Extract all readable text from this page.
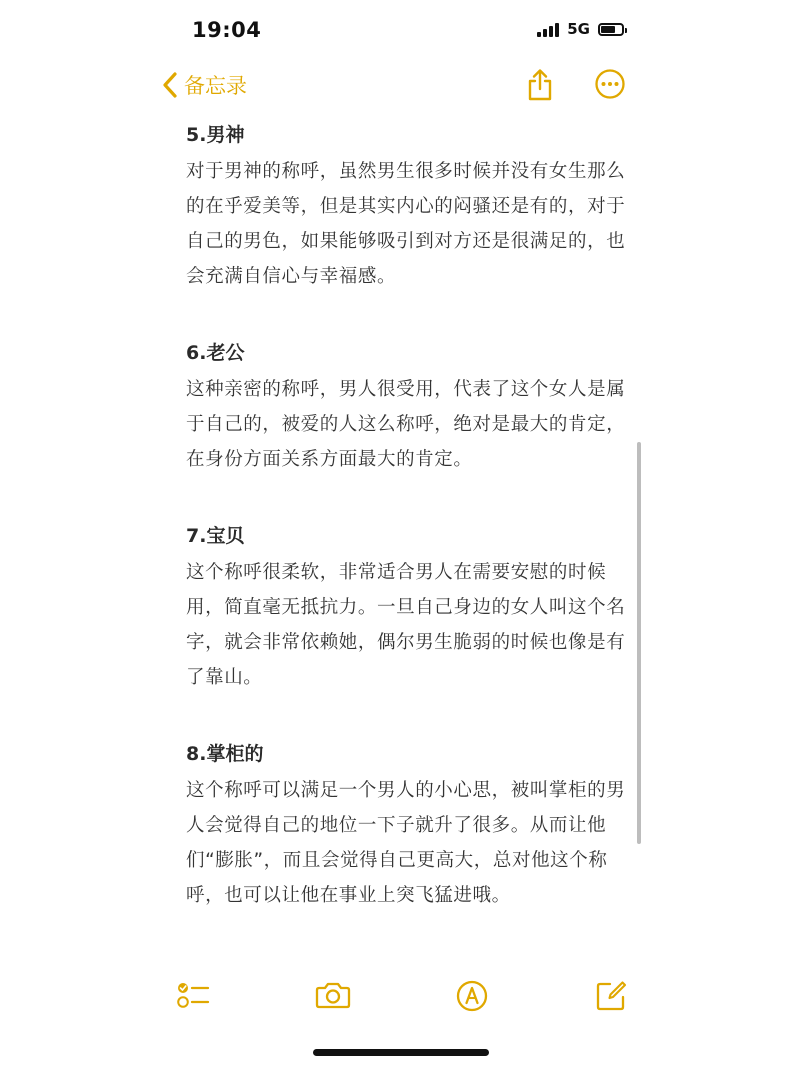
19:04	5G
备忘录

5.男神

对于男神的称呼，虽然男生很多时候并没有女生那么的在乎爱美等，但是其实内心的闷骚还是有的，对于自己的男色，如果能够吸引到对方还是很满足的，也会充满自信心与幸福感。

6.老公

这种亲密的称呼，男人很受用，代表了这个女人是属于自己的，被爱的人这么称呼，绝对是最大的肯定，在身份方面关系方面最大的肯定。

7.宝贝

这个称呼很柔软，非常适合男人在需要安慰的时候用，简直毫无抵抗力。一旦自己身边的女人叫这个名字，就会非常依赖她，偶尔男生脆弱的时候也像是有了靠山。

8.掌柜的

这个称呼可以满足一个男人的小心思，被叫掌柜的男人会觉得自己的地位一下子就升了很多。从而让他们“膨胀”，而且会觉得自己更高大，总对他这个称呼，也可以让他在事业上突飞猛进哦。
